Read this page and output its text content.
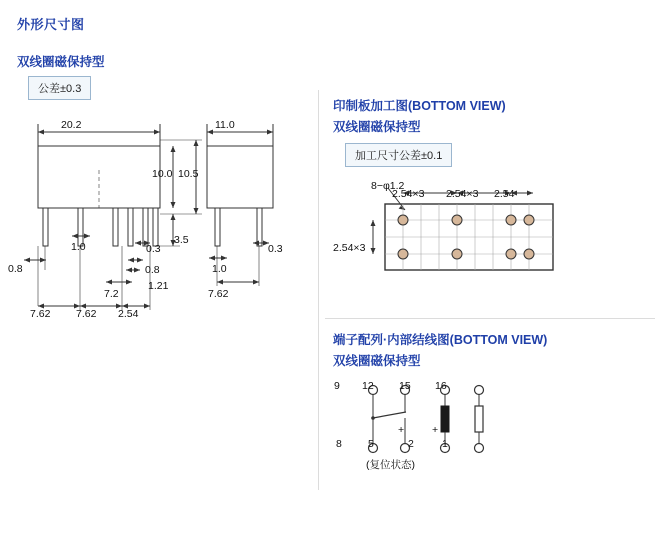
外形尺寸图
双线圈磁保持型
公差±0.3
20.2
10.0 10.5
3.5
1.0	0.3
0.8	0.8
1.21
7.2
7.62 7.62 2.54
11.0
1.0
0.3
7.62
印制板加工图(BOTTOM VIEW)
双线圈磁保持型
加工尺寸公差±0.1
8−φ1.2
2.54×3 2.54×3 2.54
2.54×3
端子配列·内部结线图(BOTTOM VIEW)
双线圈磁保持型
9 12 15 16
8 5	2	1
+	+
(复位状态)
